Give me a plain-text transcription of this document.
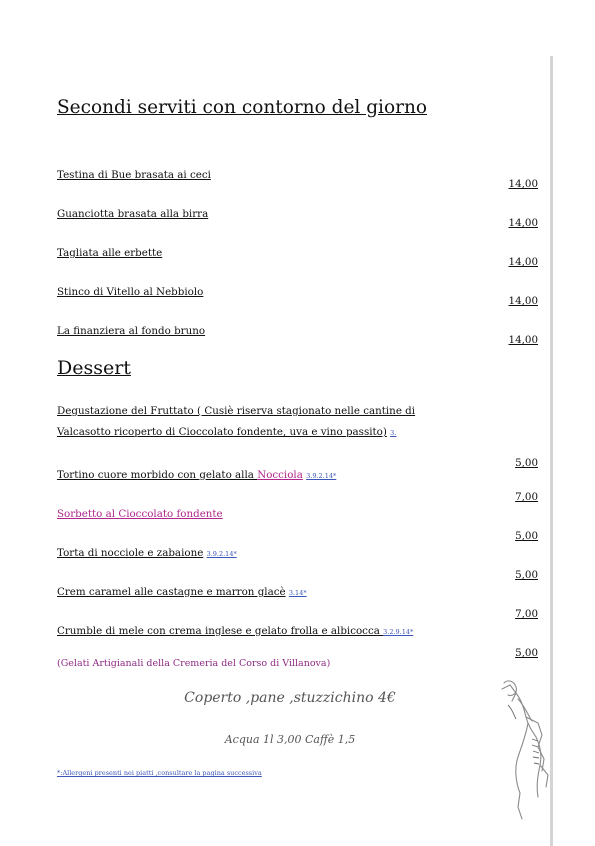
Secondi serviti con contorno del giorno
Testina di Bue brasata ai ceci
14,00
Guanciotta brasata alla birra
14,00
Tagliata alle erbette
14,00
Stinco di Vitello al Nebbiolo
14,00
La finanziera al fondo bruno
14,00
Dessert
Degustazione del Fruttato ( Cusiè riserva stagionato nelle cantine di
Valcasotto ricoperto di Cioccolato fondente, uva e vino passito) 3.
5,00
Tortino cuore morbido con gelato alla Nocciola 3.9.2.14*
7,00
Sorbetto al Cioccolato fondente
5,00
Torta di nocciole e zabaione 3.9.2.14*
5,00
Crem caramel alle castagne e marron glacè 3.14*
7,00
Crumble di mele con crema inglese e gelato frolla e albicocca 3.2.9.14*
5,00
(Gelati Artigianali della Cremeria del Corso di Villanova)
Coperto ,pane ,stuzzichino 4€
Acqua 1l 3,00 Caffè 1,5
*:Allergeni presenti nei piatti ,consultare la pagina successiva
